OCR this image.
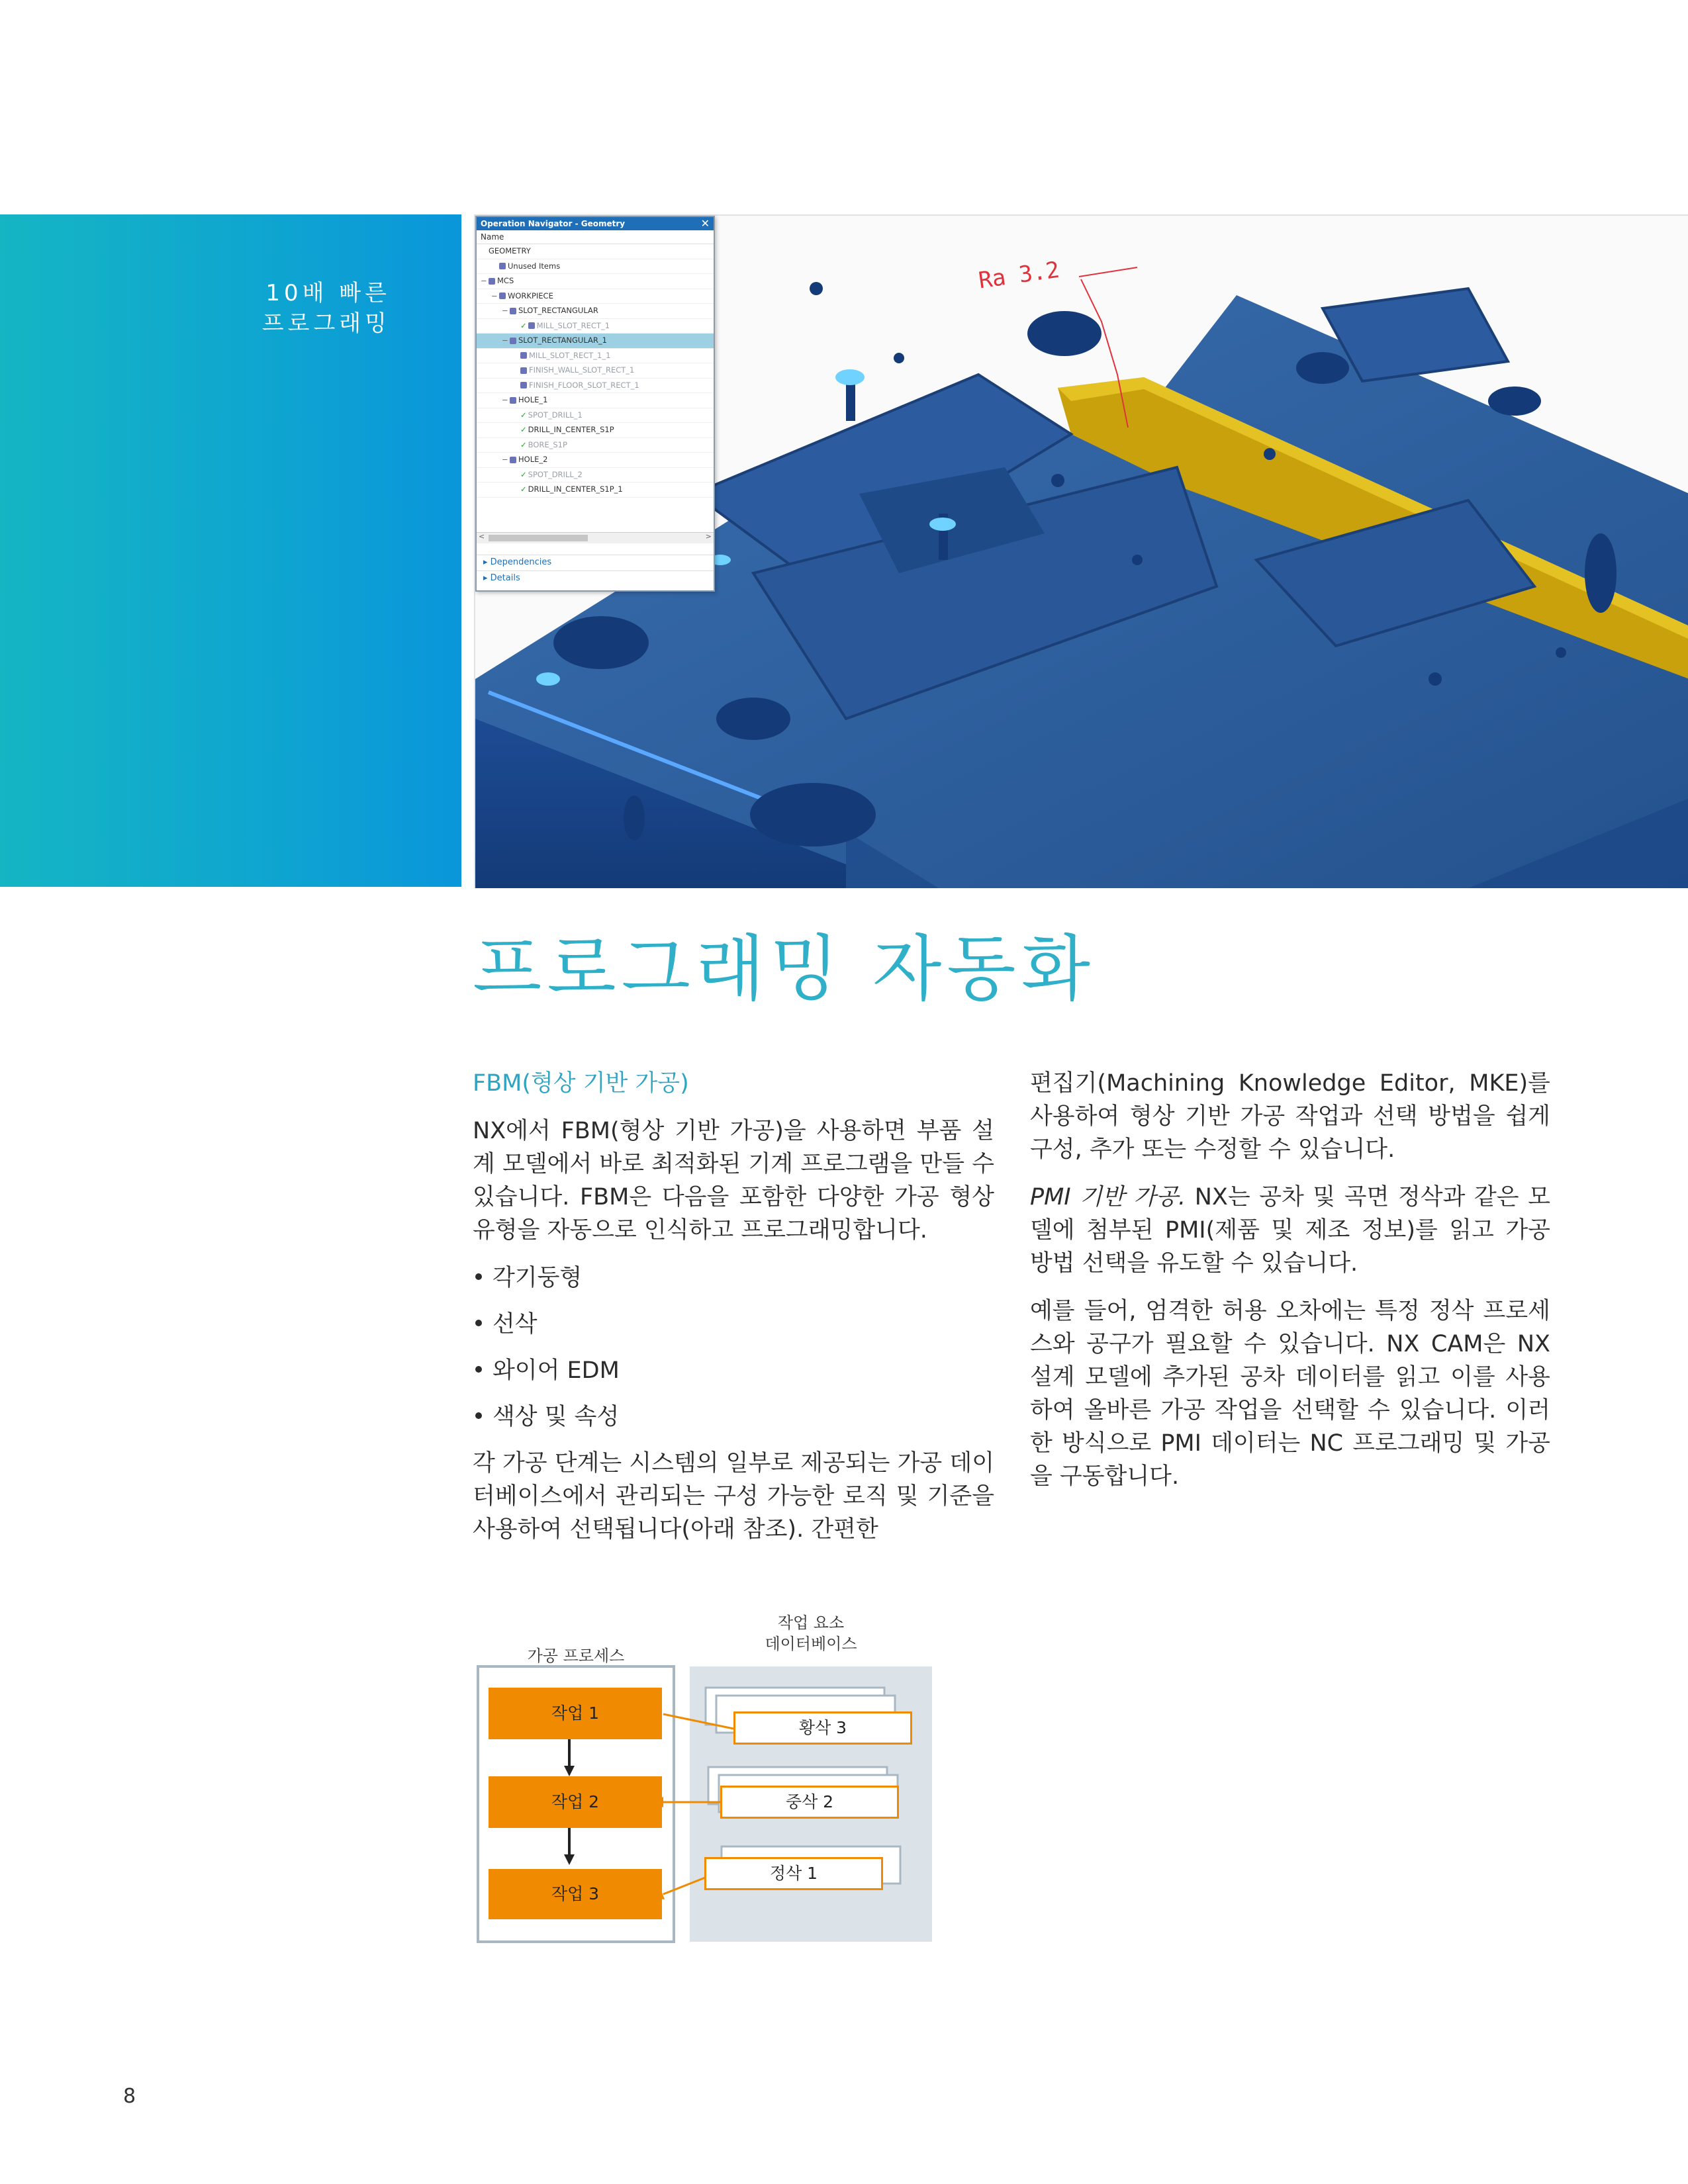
10배 빠른
프로그래밍
Ra 3.2
Operation Navigator - Geometry	✕
Name
GEOMETRY
Unused Items
− MCS
− WORKPIECE
− SLOT_RECTANGULAR
✓ MILL_SLOT_RECT_1
− SLOT_RECTANGULAR_1
MILL_SLOT_RECT_1_1
FINISH_WALL_SLOT_RECT_1
FINISH_FLOOR_SLOT_RECT_1
− HOLE_1
✓ SPOT_DRILL_1
✓ DRILL_IN_CENTER_S1P
✓ BORE_S1P
− HOLE_2
✓ SPOT_DRILL_2
✓ DRILL_IN_CENTER_S1P_1
<	>
▸ Dependencies
▸ Details
프로그래밍 자동화

FBM(형상 기반 가공)

NX에서 FBM(형상 기반 가공)을 사용하면 부품 설계 모델에서 바로 최적화된 기계 프로그램을 만들 수 있습니다. FBM은 다음을 포함한 다양한 가공 형상 유형을 자동으로 인식하고 프로그래밍합니다.

각기둥형
선삭
와이어 EDM
색상 및 속성

각 가공 단계는 시스템의 일부로 제공되는 가공 데이터베이스에서 관리되는 구성 가능한 로직 및 기준을 사용하여 선택됩니다(아래 참조). 간편한

편집기(Machining Knowledge Editor, MKE)를 사용하여 형상 기반 가공 작업과 선택 방법을 쉽게 구성, 추가 또는 수정할 수 있습니다.

PMI 기반 가공. NX는 공차 및 곡면 정삭과 같은 모델에 첨부된 PMI(제품 및 제조 정보)를 읽고 가공 방법 선택을 유도할 수 있습니다.

예를 들어, 엄격한 허용 오차에는 특정 정삭 프로세스와 공구가 필요할 수 있습니다. NX CAM은 NX 설계 모델에 추가된 공차 데이터를 읽고 이를 사용하여 올바른 가공 작업을 선택할 수 있습니다. 이러한 방식으로 PMI 데이터는 NC 프로그래밍 및 가공을 구동합니다.

가공 프로세스
작업 요소
데이터베이스
작업 1
작업 2
작업 3
황삭 3
중삭 2
정삭 1
8
